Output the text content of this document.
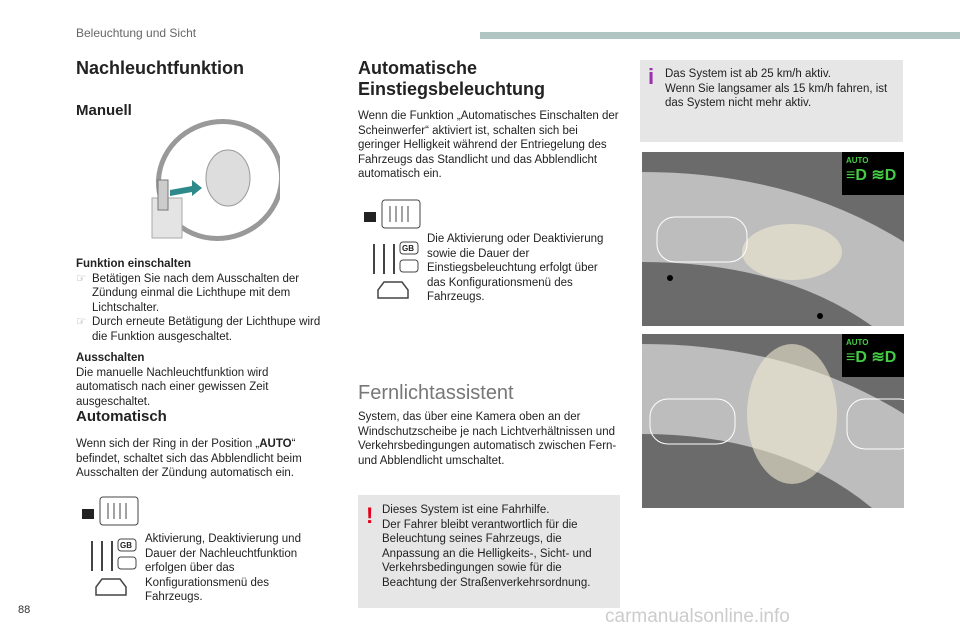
Beleuchtung und Sicht
Nachleuchtfunktion
Manuell
Funktion einschalten
☞ Betätigen Sie nach dem Ausschalten der Zündung einmal die Lichthupe mit dem Lichtschalter.
☞ Durch erneute Betätigung der Lichthupe wird die Funktion ausgeschaltet.
Ausschalten

Die manuelle Nachleuchtfunktion wird automatisch nach einer gewissen Zeit ausgeschaltet.

Automatisch

Wenn sich der Ring in der Position „AUTO“ befindet, schaltet sich das Abblendlicht beim Ausschalten der Zündung automatisch ein.

GB

Aktivierung, Deaktivierung und Dauer der Nachleuchtfunktion erfolgen über das Konfigurationsmenü des Fahrzeugs.

Automatische Einstiegsbeleuchtung

Wenn die Funktion „Automatisches Einschalten der Scheinwerfer“ aktiviert ist, schalten sich bei geringer Helligkeit während der Entriegelung des Fahrzeugs das Standlicht und das Abblendlicht automatisch ein.

GB

Die Aktivierung oder Deaktivierung sowie die Dauer der Einstiegsbeleuchtung erfolgt über das Konfigurationsmenü des Fahrzeugs.

Fernlichtassistent

System, das über eine Kamera oben an der Windschutzscheibe je nach Lichtverhältnissen und Verkehrsbedingungen automatisch zwischen Fern- und Abblendlicht umschaltet.

! Dieses System ist eine Fahrhilfe.
Der Fahrer bleibt verantwortlich für die Beleuchtung seines Fahrzeugs, die Anpassung an die Helligkeits-, Sicht- und Verkehrsbedingungen sowie für die Beachtung der Straßenverkehrsordnung.

i Das System ist ab 25 km/h aktiv.
Wenn Sie langsamer als 15 km/h fahren, ist das System nicht mehr aktiv.

AUTO
≡D ≋D
AUTO
≡D ≋D
88	carmanualsonline.info
